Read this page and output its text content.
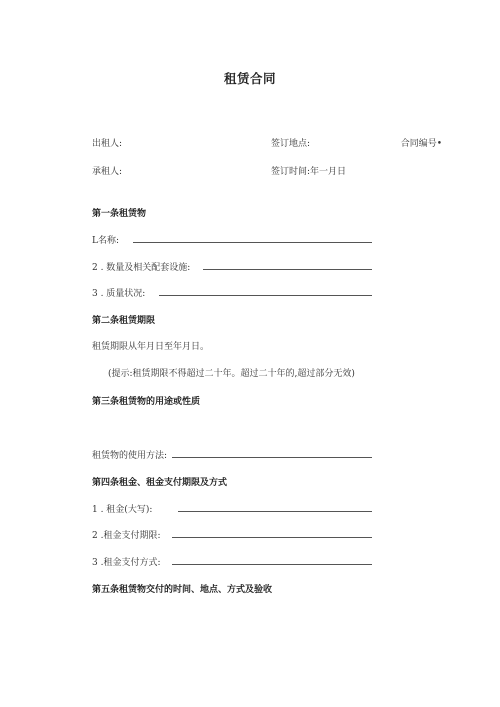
租赁合同
合同编号•
出租人:	签订地点:
承租人:	签订时间:年一月日
第一条租赁物
L名称:
2 . 数量及相关配套设施:
3 . 质量状况:
第二条租赁期限
租赁期限从年月日至年月日。
(提示:租赁期限不得超过二十年。超过二十年的,超过部分无效)
第三条租赁物的用途或性质
租赁物的使用方法:
第四条租金、租金支付期限及方式
1 . 租金(大写):
2 .租金支付期限:
3 .租金支付方式:
第五条租赁物交付的时间、地点、方式及验收
